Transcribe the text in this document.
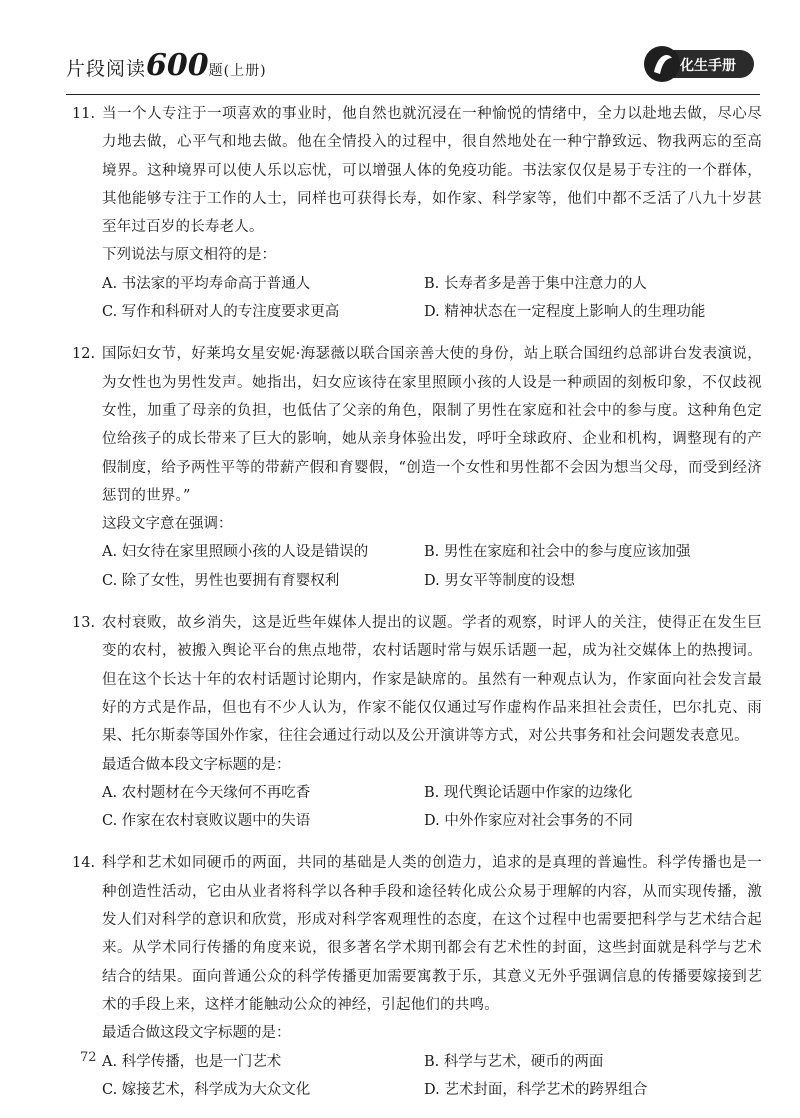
片段阅读600题(上册)	化生手册
11. 当一个人专注于一项喜欢的事业时，他自然也就沉浸在一种愉悦的情绪中，全力以赴地去做，尽心尽力地去做，心平气和地去做。他在全情投入的过程中，很自然地处在一种宁静致远、物我两忘的至高境界。这种境界可以使人乐以忘忧，可以增强人体的免疫功能。书法家仅仅是易于专注的一个群体，其他能够专注于工作的人士，同样也可获得长寿，如作家、科学家等，他们中都不乏活了八九十岁甚至年过百岁的长寿老人。

下列说法与原文相符的是：

A. 书法家的平均寿命高于普通人	B. 长寿者多是善于集中注意力的人
C. 写作和科研对人的专注度要求更高	D. 精神状态在一定程度上影响人的生理功能
12. 国际妇女节，好莱坞女星安妮·海瑟薇以联合国亲善大使的身份，站上联合国纽约总部讲台发表演说，为女性也为男性发声。她指出，妇女应该待在家里照顾小孩的人设是一种顽固的刻板印象，不仅歧视女性，加重了母亲的负担，也低估了父亲的角色，限制了男性在家庭和社会中的参与度。这种角色定位给孩子的成长带来了巨大的影响，她从亲身体验出发，呼吁全球政府、企业和机构，调整现有的产假制度，给予两性平等的带薪产假和育婴假，“创造一个女性和男性都不会因为想当父母，而受到经济惩罚的世界。”

这段文字意在强调：

A. 妇女待在家里照顾小孩的人设是错误的	B. 男性在家庭和社会中的参与度应该加强
C. 除了女性，男性也要拥有育婴权利	D. 男女平等制度的设想
13. 农村衰败，故乡消失，这是近些年媒体人提出的议题。学者的观察，时评人的关注，使得正在发生巨变的农村，被搬入舆论平台的焦点地带，农村话题时常与娱乐话题一起，成为社交媒体上的热搜词。但在这个长达十年的农村话题讨论期内，作家是缺席的。虽然有一种观点认为，作家面向社会发言最好的方式是作品，但也有不少人认为，作家不能仅仅通过写作虚构作品来担社会责任，巴尔扎克、雨果、托尔斯泰等国外作家，往往会通过行动以及公开演讲等方式，对公共事务和社会问题发表意见。

最适合做本段文字标题的是：

A. 农村题材在今天缘何不再吃香	B. 现代舆论话题中作家的边缘化
C. 作家在农村衰败议题中的失语	D. 中外作家应对社会事务的不同
14. 科学和艺术如同硬币的两面，共同的基础是人类的创造力，追求的是真理的普遍性。科学传播也是一种创造性活动，它由从业者将科学以各种手段和途径转化成公众易于理解的内容，从而实现传播，激发人们对科学的意识和欣赏，形成对科学客观理性的态度，在这个过程中也需要把科学与艺术结合起来。从学术同行传播的角度来说，很多著名学术期刊都会有艺术性的封面，这些封面就是科学与艺术结合的结果。面向普通公众的科学传播更加需要寓教于乐，其意义无外乎强调信息的传播要嫁接到艺术的手段上来，这样才能触动公众的神经，引起他们的共鸣。

最适合做这段文字标题的是：

A. 科学传播，也是一门艺术	B. 科学与艺术，硬币的两面
C. 嫁接艺术，科学成为大众文化	D. 艺术封面，科学艺术的跨界组合
72
